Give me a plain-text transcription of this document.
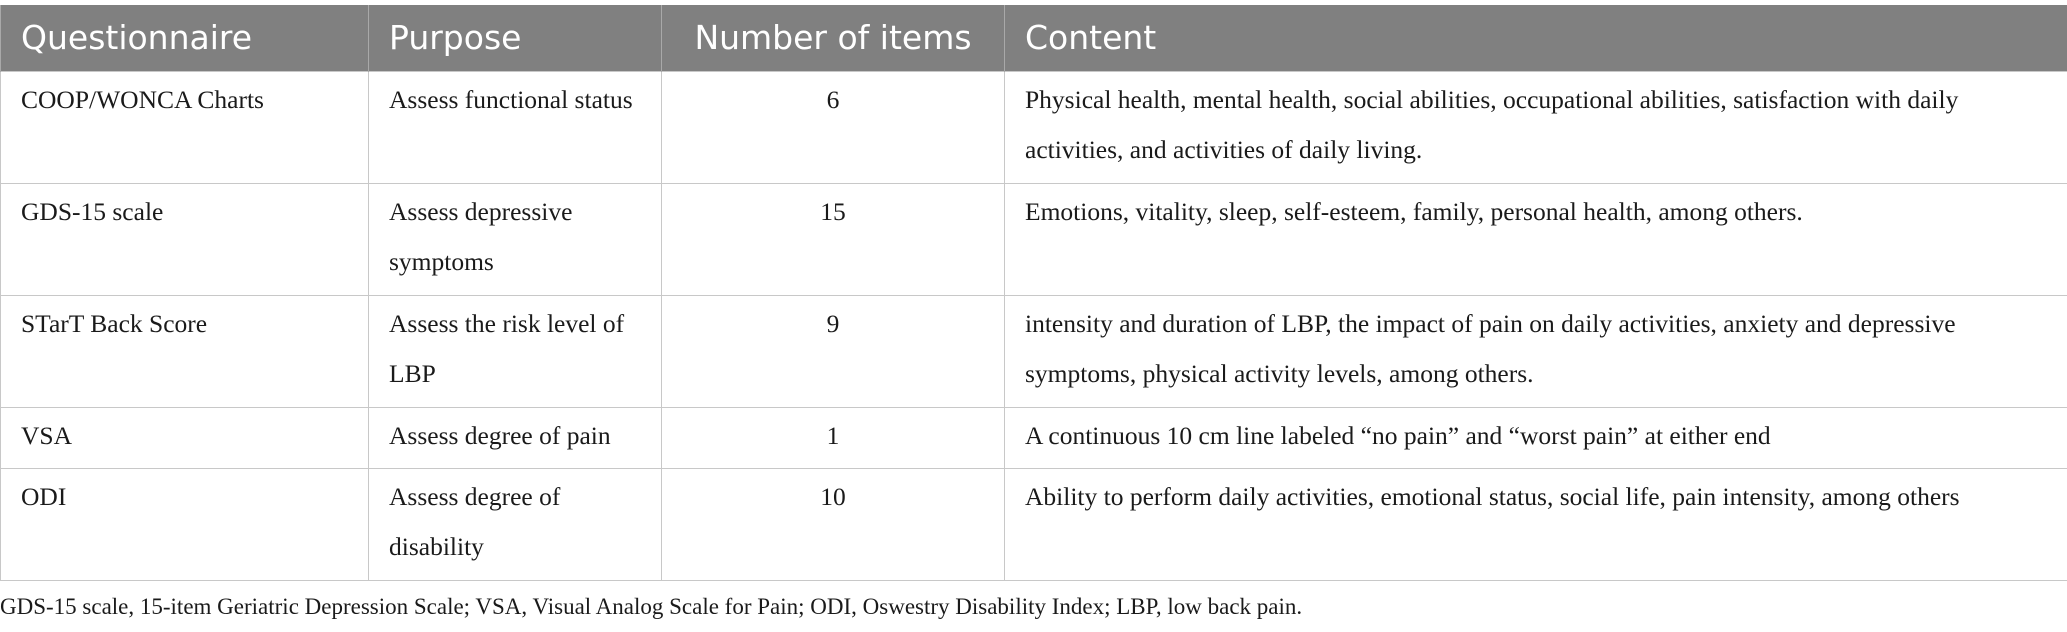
Questionnaire	Purpose	Number of items	Content
COOP/WONCA Charts	Assess functional status	6	Physical health, mental health, social abilities, occupational abilities, satisfaction with daily activities, and activities of daily living.
GDS-15 scale	Assess depressive symptoms	15	Emotions, vitality, sleep, self-esteem, family, personal health, among others.
STarT Back Score	Assess the risk level of LBP	9	intensity and duration of LBP, the impact of pain on daily activities, anxiety and depressive symptoms, physical activity levels, among others.
VSA	Assess degree of pain	1	A continuous 10 cm line labeled “no pain” and “worst pain” at either end
ODI	Assess degree of disability	10	Ability to perform daily activities, emotional status, social life, pain intensity, among others
GDS-15 scale, 15-item Geriatric Depression Scale; VSA, Visual Analog Scale for Pain; ODI, Oswestry Disability Index; LBP, low back pain.
